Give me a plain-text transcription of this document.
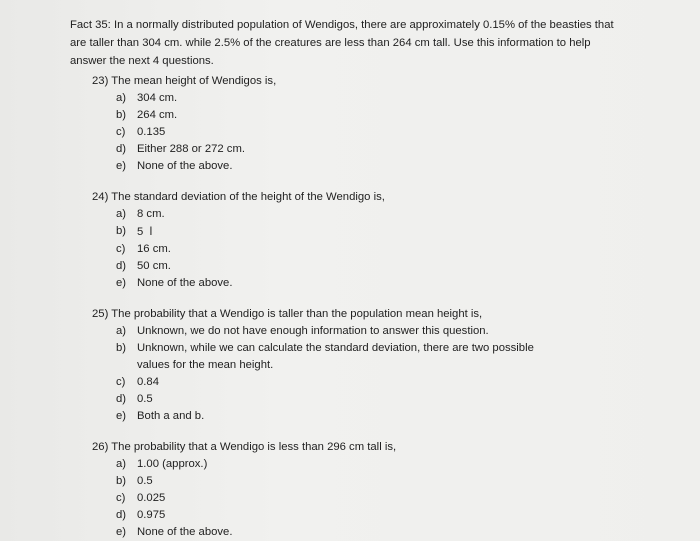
Fact 35: In a normally distributed population of Wendigos, there are approximately 0.15% of the beasties that are taller than 304 cm. while 2.5% of the creatures are less than 264 cm tall. Use this information to help answer the next 4 questions.
23) The mean height of Wendigos is,
a) 304 cm.
b) 264 cm.
c)	0.135
d) Either 288 or 272 cm.
e) None of the above.
24) The standard deviation of the height of the Wendigo is,
a) 8 cm.
b) 5 I
c)	16 cm.
d) 50 cm.
e) None of the above.
25) The probability that a Wendigo is taller than the population mean height is,
a) Unknown, we do not have enough information to answer this question.
b) Unknown, while we can calculate the standard deviation, there are two possible values for the mean height.
c)	0.84
d) 0.5
e) Both a and b.
26) The probability that a Wendigo is less than 296 cm tall is,
a) 1.00 (approx.)
b) 0.5
c)	0.025
d) 0.975
e) None of the above.
